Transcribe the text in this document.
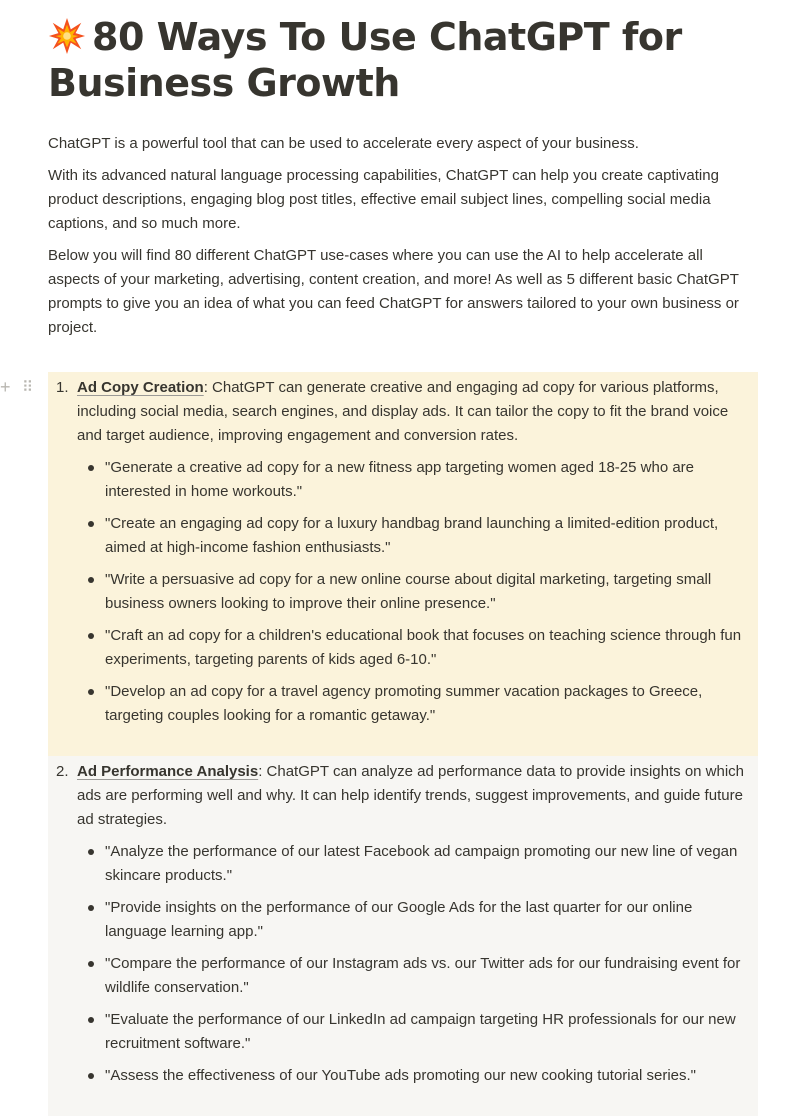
80 Ways To Use ChatGPT for
Business Growth

ChatGPT is a powerful tool that can be used to accelerate every aspect of your business.

With its advanced natural language processing capabilities, ChatGPT can help you create captivating product descriptions, engaging blog post titles, effective email subject lines, compelling social media captions, and so much more.

Below you will find 80 different ChatGPT use-cases where you can use the AI to help accelerate all aspects of your marketing, advertising, content creation, and more! As well as 5 different basic ChatGPT prompts to give you an idea of what you can feed ChatGPT for answers tailored to your own business or project.

+ ⠿ 1. Ad Copy Creation: ChatGPT can generate creative and engaging ad copy for various platforms, including social media, search engines, and display ads. It can tailor the copy to fit the brand voice and target audience, improving engagement and conversion rates.
"Generate a creative ad copy for a new fitness app targeting women aged 18-25 who are interested in home workouts."
"Create an engaging ad copy for a luxury handbag brand launching a limited-edition product, aimed at high-income fashion enthusiasts."
"Write a persuasive ad copy for a new online course about digital marketing, targeting small business owners looking to improve their online presence."
"Craft an ad copy for a children's educational book that focuses on teaching science through fun experiments, targeting parents of kids aged 6-10."
"Develop an ad copy for a travel agency promoting summer vacation packages to Greece, targeting couples looking for a romantic getaway."
2. Ad Performance Analysis: ChatGPT can analyze ad performance data to provide insights on which ads are performing well and why. It can help identify trends, suggest improvements, and guide future ad strategies.
"Analyze the performance of our latest Facebook ad campaign promoting our new line of vegan skincare products."
"Provide insights on the performance of our Google Ads for the last quarter for our online language learning app."
"Compare the performance of our Instagram ads vs. our Twitter ads for our fundraising event for wildlife conservation."
"Evaluate the performance of our LinkedIn ad campaign targeting HR professionals for our new recruitment software."
"Assess the effectiveness of our YouTube ads promoting our new cooking tutorial series."
